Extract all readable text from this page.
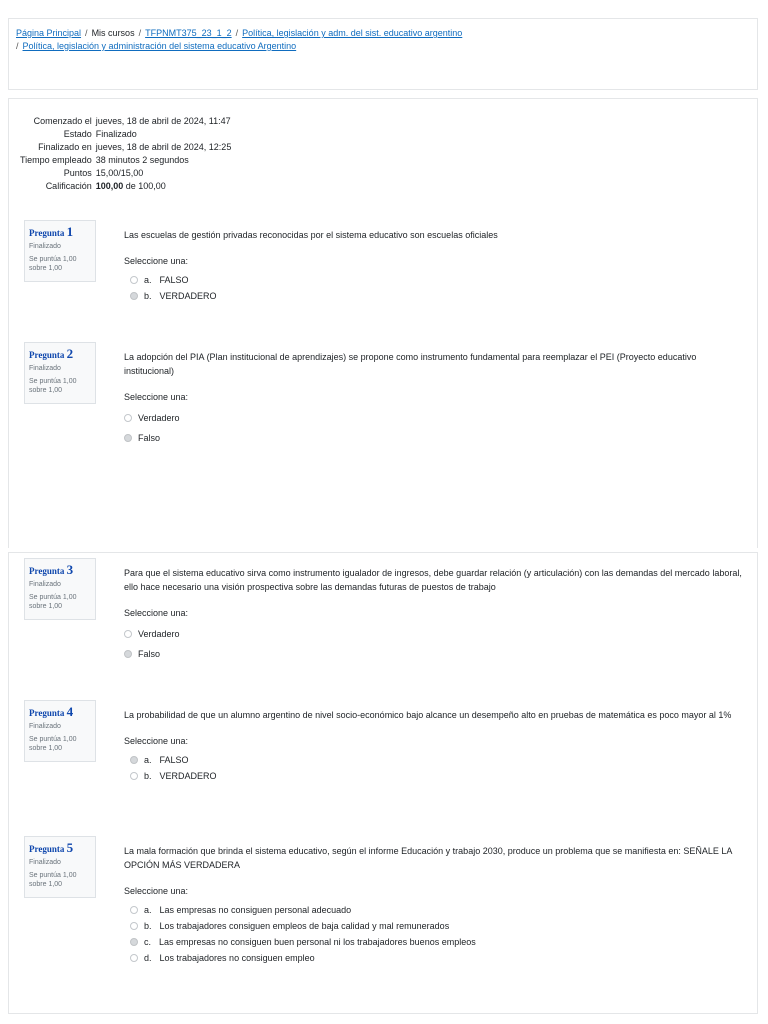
Página Principal / Mis cursos / TFPNMT375_23_1_2 / Política, legislación y adm. del sist. educativo argentino
/ Política, legislación y administración del sistema educativo Argentino
Comenzado el	jueves, 18 de abril de 2024, 11:47
Estado	Finalizado
Finalizado en	jueves, 18 de abril de 2024, 12:25
Tiempo empleado	38 minutos 2 segundos
Puntos	15,00/15,00
Calificación	100,00 de 100,00
Pregunta 1
Finalizado
Se puntúa 1,00 sobre 1,00
Las escuelas de gestión privadas reconocidas por el sistema educativo son escuelas oficiales
Seleccione una:
a. FALSO
b. VERDADERO
Pregunta 2
Finalizado
Se puntúa 1,00 sobre 1,00
La adopción del PIA (Plan institucional de aprendizajes) se propone como instrumento fundamental para reemplazar el PEI (Proyecto educativo institucional)
Seleccione una:
Verdadero
Falso
Pregunta 3
Finalizado
Se puntúa 1,00 sobre 1,00
Para que el sistema educativo sirva como instrumento igualador de ingresos, debe guardar relación (y articulación) con las demandas del mercado laboral, ello hace necesario una visión prospectiva sobre las demandas futuras de puestos de trabajo
Seleccione una:
Verdadero
Falso
Pregunta 4
Finalizado
Se puntúa 1,00 sobre 1,00
La probabilidad de que un alumno argentino de nivel socio-económico bajo alcance un desempeño alto en pruebas de matemática es poco mayor al 1%
Seleccione una:
a. FALSO
b. VERDADERO
Pregunta 5
Finalizado
Se puntúa 1,00 sobre 1,00
La mala formación que brinda el sistema educativo, según el informe Educación y trabajo 2030, produce un problema que se manifiesta en: SEÑALE LA OPCIÓN MÁS VERDADERA
Seleccione una:
a. Las empresas no consiguen personal adecuado
b. Los trabajadores consiguen empleos de baja calidad y mal remunerados
c. Las empresas no consiguen buen personal ni los trabajadores buenos empleos
d. Los trabajadores no consiguen empleo
